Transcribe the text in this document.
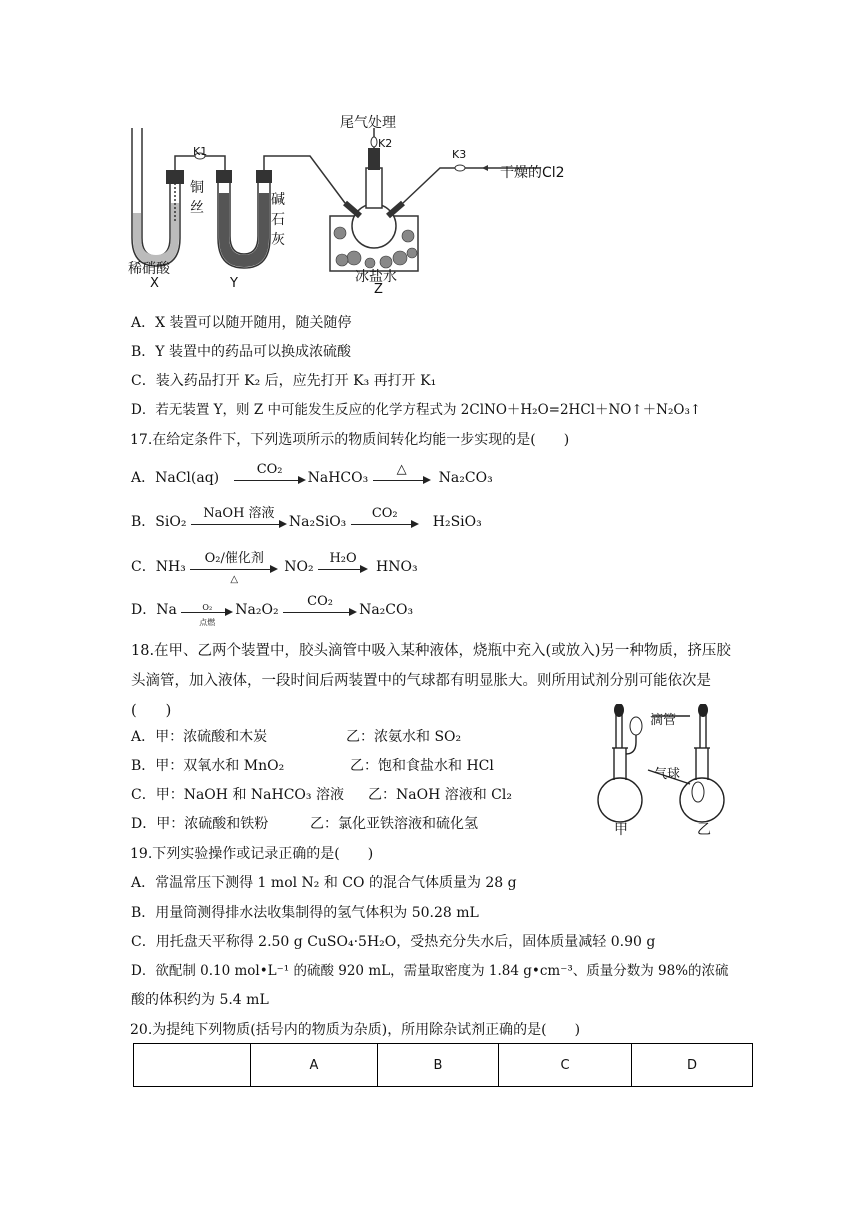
尾气处理
K1
K2
K3
干燥的Cl2
铜丝	碱石灰
稀硝酸	冰盐水
X	Y	Z
A．X 装置可以随开随用，随关随停
B．Y 装置中的药品可以换成浓硫酸
C．装入药品打开 K₂ 后，应先打开 K₃ 再打开 K₁
D．若无装置 Y，则 Z 中可能发生反应的化学方程式为 2ClNO＋H₂O=2HCl＋NO↑＋N₂O₃↑
17.在给定条件下，下列选项所示的物质间转化均能一步实现的是(　　)
A．NaCl(aq)
CO₂
NaHCO₃
△
Na₂CO₃
B．SiO₂
NaOH 溶液
Na₂SiO₃
CO₂
H₂SiO₃
C．NH₃
O₂/催化剂
△
NO₂
H₂O
HNO₃
D．Na	O₂
点燃
Na₂O₂
CO₂
Na₂CO₃
18.在甲、乙两个装置中，胶头滴管中吸入某种液体，烧瓶中充入(或放入)另一种物质，挤压胶头滴管，加入液体，一段时间后两装置中的气球都有明显胀大。则所用试剂分别可能依次是(　　)
A．甲：浓硫酸和木炭	乙：浓氨水和 SO₂
B．甲：双氧水和 MnO₂	乙：饱和食盐水和 HCl
C．甲：NaOH 和 NaHCO₃ 溶液 乙：NaOH 溶液和 Cl₂
D．甲：浓硫酸和铁粉	乙：氯化亚铁溶液和硫化氢
滴管
气球
甲	乙
19.下列实验操作或记录正确的是(　　)
A．常温常压下测得 1 mol N₂ 和 CO 的混合气体质量为 28 g
B．用量筒测得排水法收集制得的氢气体积为 50.28 mL
C．用托盘天平称得 2.50 g CuSO₄·5H₂O，受热充分失水后，固体质量减轻 0.90 g
D．欲配制 0.10 mol•L⁻¹ 的硫酸 920 mL，需量取密度为 1.84 g•cm⁻³、质量分数为 98%的浓硫
酸的体积约为 5.4 mL
20.为提纯下列物质(括号内的物质为杂质)，所用除杂试剂正确的是(　　)
	A	B	C	D
